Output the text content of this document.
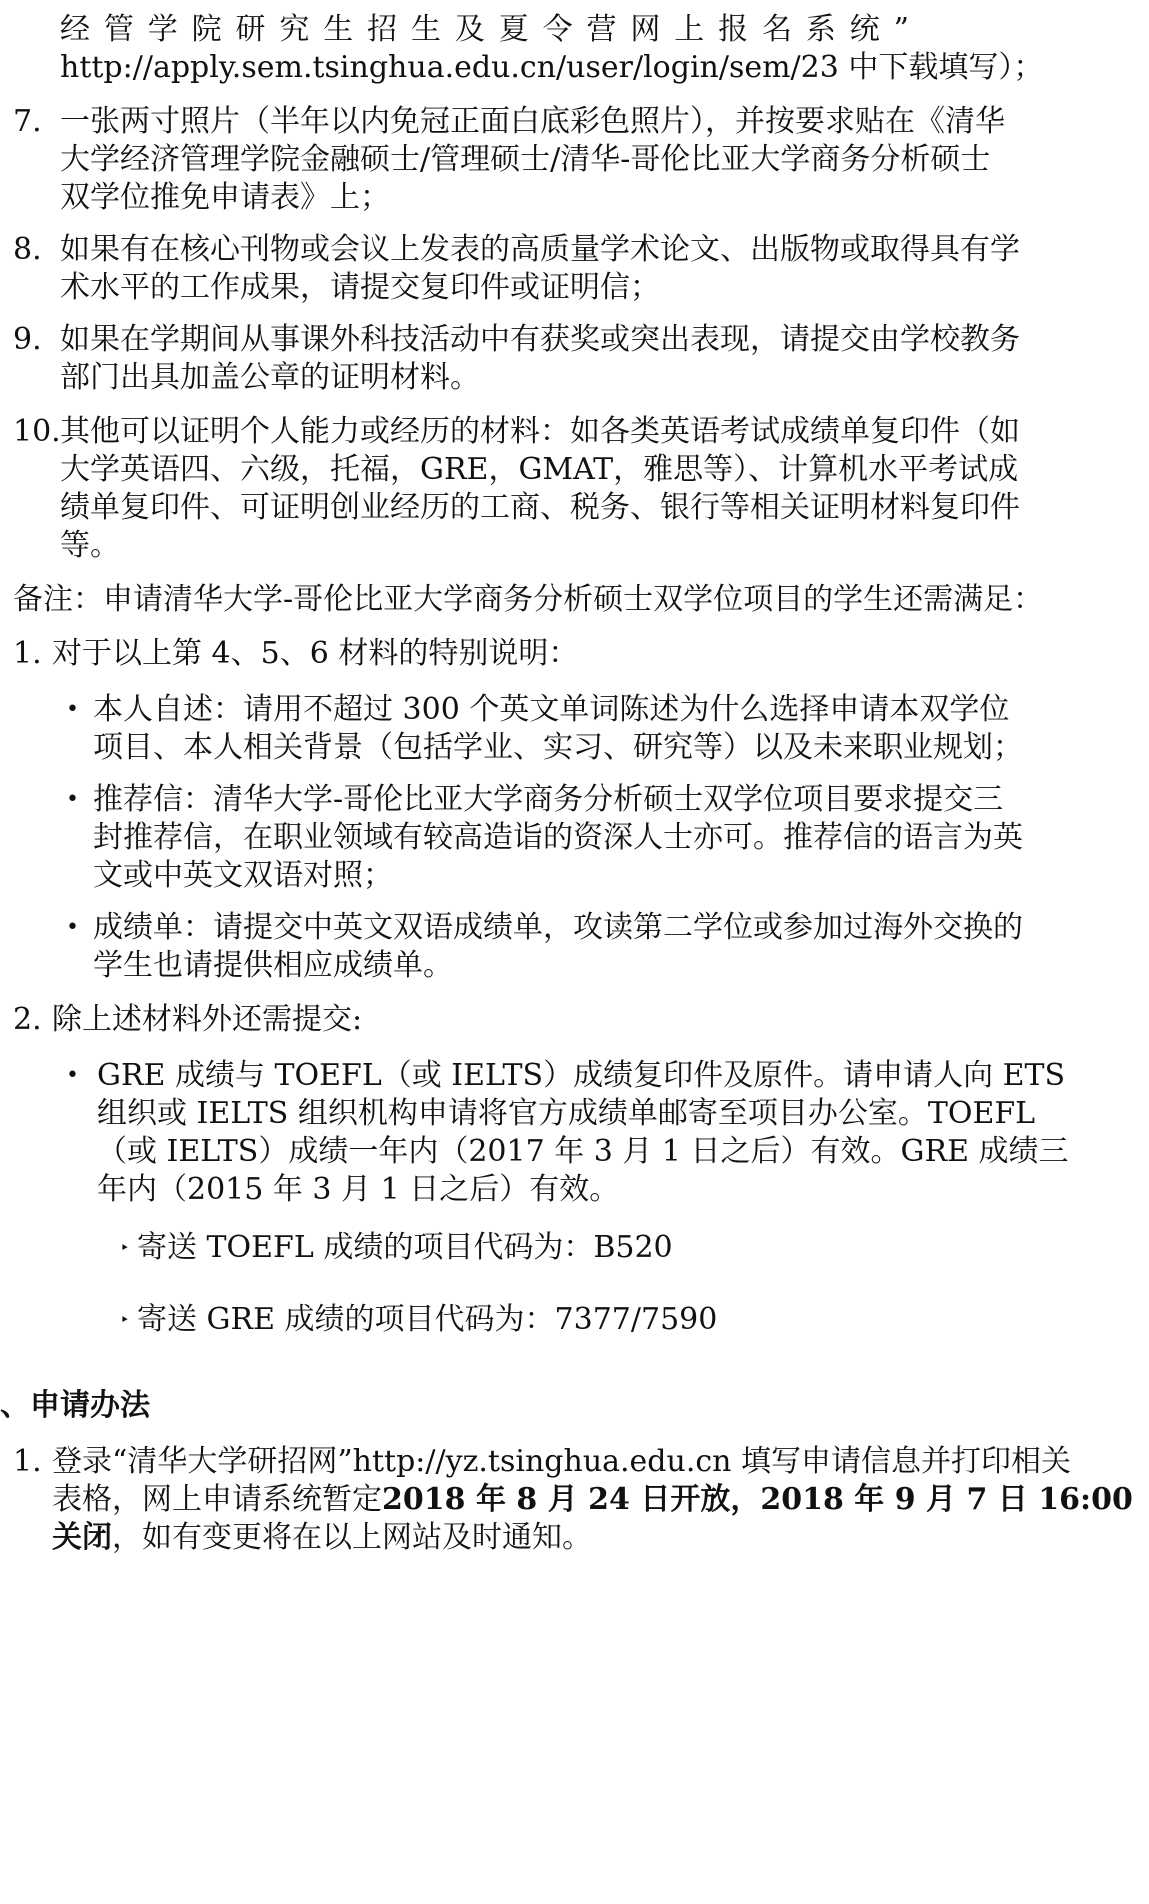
经管学院研究生招生及夏令营网上报名系统”
http://apply.sem.tsinghua.edu.cn/user/login/sem/23 中下载填写）；
7. 一张两寸照片（半年以内免冠正面白底彩色照片），并按要求贴在《清华
大学经济管理学院金融硕士/管理硕士/清华-哥伦比亚大学商务分析硕士
双学位推免申请表》上；
8. 如果有在核心刊物或会议上发表的高质量学术论文、出版物或取得具有学
术水平的工作成果，请提交复印件或证明信；
9. 如果在学期间从事课外科技活动中有获奖或突出表现，请提交由学校教务
部门出具加盖公章的证明材料。
10. 其他可以证明个人能力或经历的材料：如各类英语考试成绩单复印件（如
大学英语四、六级，托福，GRE，GMAT，雅思等）、计算机水平考试成
绩单复印件、可证明创业经历的工商、税务、银行等相关证明材料复印件
等。
备注：申请清华大学-哥伦比亚大学商务分析硕士双学位项目的学生还需满足：
1. 对于以上第 4、5、6 材料的特别说明：
• 本人自述：请用不超过 300 个英文单词陈述为什么选择申请本双学位
项目、本人相关背景（包括学业、实习、研究等）以及未来职业规划；
• 推荐信：清华大学-哥伦比亚大学商务分析硕士双学位项目要求提交三
封推荐信，在职业领域有较高造诣的资深人士亦可。推荐信的语言为英
文或中英文双语对照；
• 成绩单：请提交中英文双语成绩单，攻读第二学位或参加过海外交换的
学生也请提供相应成绩单。
2. 除上述材料外还需提交:
• GRE 成绩与 TOEFL（或 IELTS）成绩复印件及原件。请申请人向 ETS
组织或 IELTS 组织机构申请将官方成绩单邮寄至项目办公室。TOEFL
（或 IELTS）成绩一年内（2017 年 3 月 1 日之后）有效。GRE 成绩三
年内（2015 年 3 月 1 日之后）有效。
‣ 寄送 TOEFL 成绩的项目代码为：B520
‣ 寄送 GRE 成绩的项目代码为：7377/7590
、申请办法
1. 登录“清华大学研招网”http://yz.tsinghua.edu.cn 填写申请信息并打印相关
表格，网上申请系统暂定2018 年 8 月 24 日开放，2018 年 9 月 7 日 16:00
关闭，如有变更将在以上网站及时通知。
